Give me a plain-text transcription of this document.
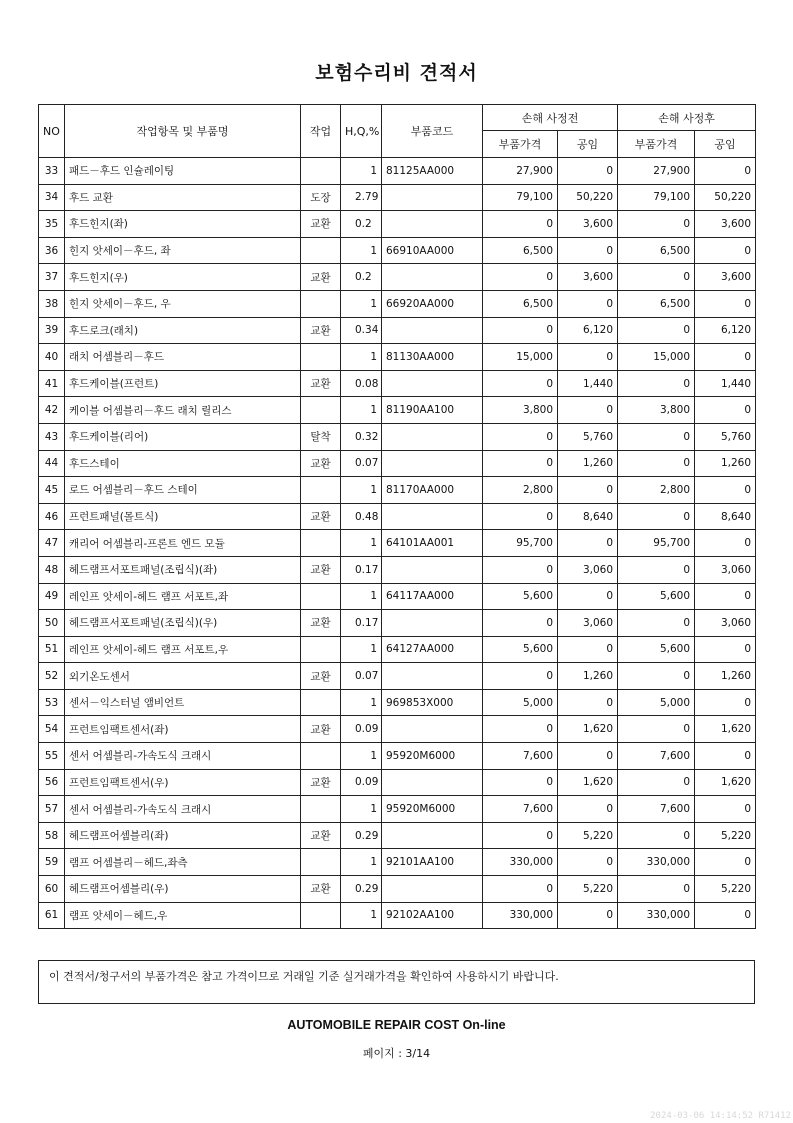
보험수리비 견적서
NO	작업항목 및 부품명	작업	H,Q,%	부품코드	손해 사정전		손해 사정후	
					부품가격	공임	부품가격	공임
33	패드－후드 인슐레이팅		1	81125AA000	27,900	0	27,900	0
34	후드 교환	도장	2.79		79,100	50,220	79,100	50,220
35	후드힌지(좌)	교환	0.2		0	3,600	0	3,600
36	힌지 앗세이－후드, 좌		1	66910AA000	6,500	0	6,500	0
37	후드힌지(우)	교환	0.2		0	3,600	0	3,600
38	힌지 앗세이－후드, 우		1	66920AA000	6,500	0	6,500	0
39	후드로크(래치)	교환	0.34		0	6,120	0	6,120
40	래치 어셈블리－후드		1	81130AA000	15,000	0	15,000	0
41	후드케이블(프런트)	교환	0.08		0	1,440	0	1,440
42	케이블 어셈블리－후드 래치 릴리스		1	81190AA100	3,800	0	3,800	0
43	후드케이블(리어)	탈착	0.32		0	5,760	0	5,760
44	후드스테이	교환	0.07		0	1,260	0	1,260
45	로드 어셈블리－후드 스테이		1	81170AA000	2,800	0	2,800	0
46	프런트패널(몰트식)	교환	0.48		0	8,640	0	8,640
47	캐리어 어셈블리-프론트 엔드 모듈		1	64101AA001	95,700	0	95,700	0
48	헤드램프서포트패널(조립식)(좌)	교환	0.17		0	3,060	0	3,060
49	레인프 앗세이-헤드 램프 서포트,좌		1	64117AA000	5,600	0	5,600	0
50	헤드램프서포트패널(조립식)(우)	교환	0.17		0	3,060	0	3,060
51	레인프 앗세이-헤드 램프 서포트,우		1	64127AA000	5,600	0	5,600	0
52	외기온도센서	교환	0.07		0	1,260	0	1,260
53	센서－익스터널 앰비언트		1	969853X000	5,000	0	5,000	0
54	프런트임팩트센서(좌)	교환	0.09		0	1,620	0	1,620
55	센서 어셈블리-가속도식 크래시		1	95920M6000	7,600	0	7,600	0
56	프런트임팩트센서(우)	교환	0.09		0	1,620	0	1,620
57	센서 어셈블리-가속도식 크래시		1	95920M6000	7,600	0	7,600	0
58	헤드램프어셈블리(좌)	교환	0.29		0	5,220	0	5,220
59	램프 어셈블리－헤드,좌측		1	92101AA100	330,000	0	330,000	0
60	헤드램프어셈블리(우)	교환	0.29		0	5,220	0	5,220
61	램프 앗세이－헤드,우		1	92102AA100	330,000	0	330,000	0
이 견적서/청구서의 부품가격은 참고 가격이므로 거래일 기준 실거래가격을 확인하여 사용하시기 바랍니다.
AUTOMOBILE REPAIR COST On-line
페이지 : 3/14
2024-03-06 14:14:52 R71412
